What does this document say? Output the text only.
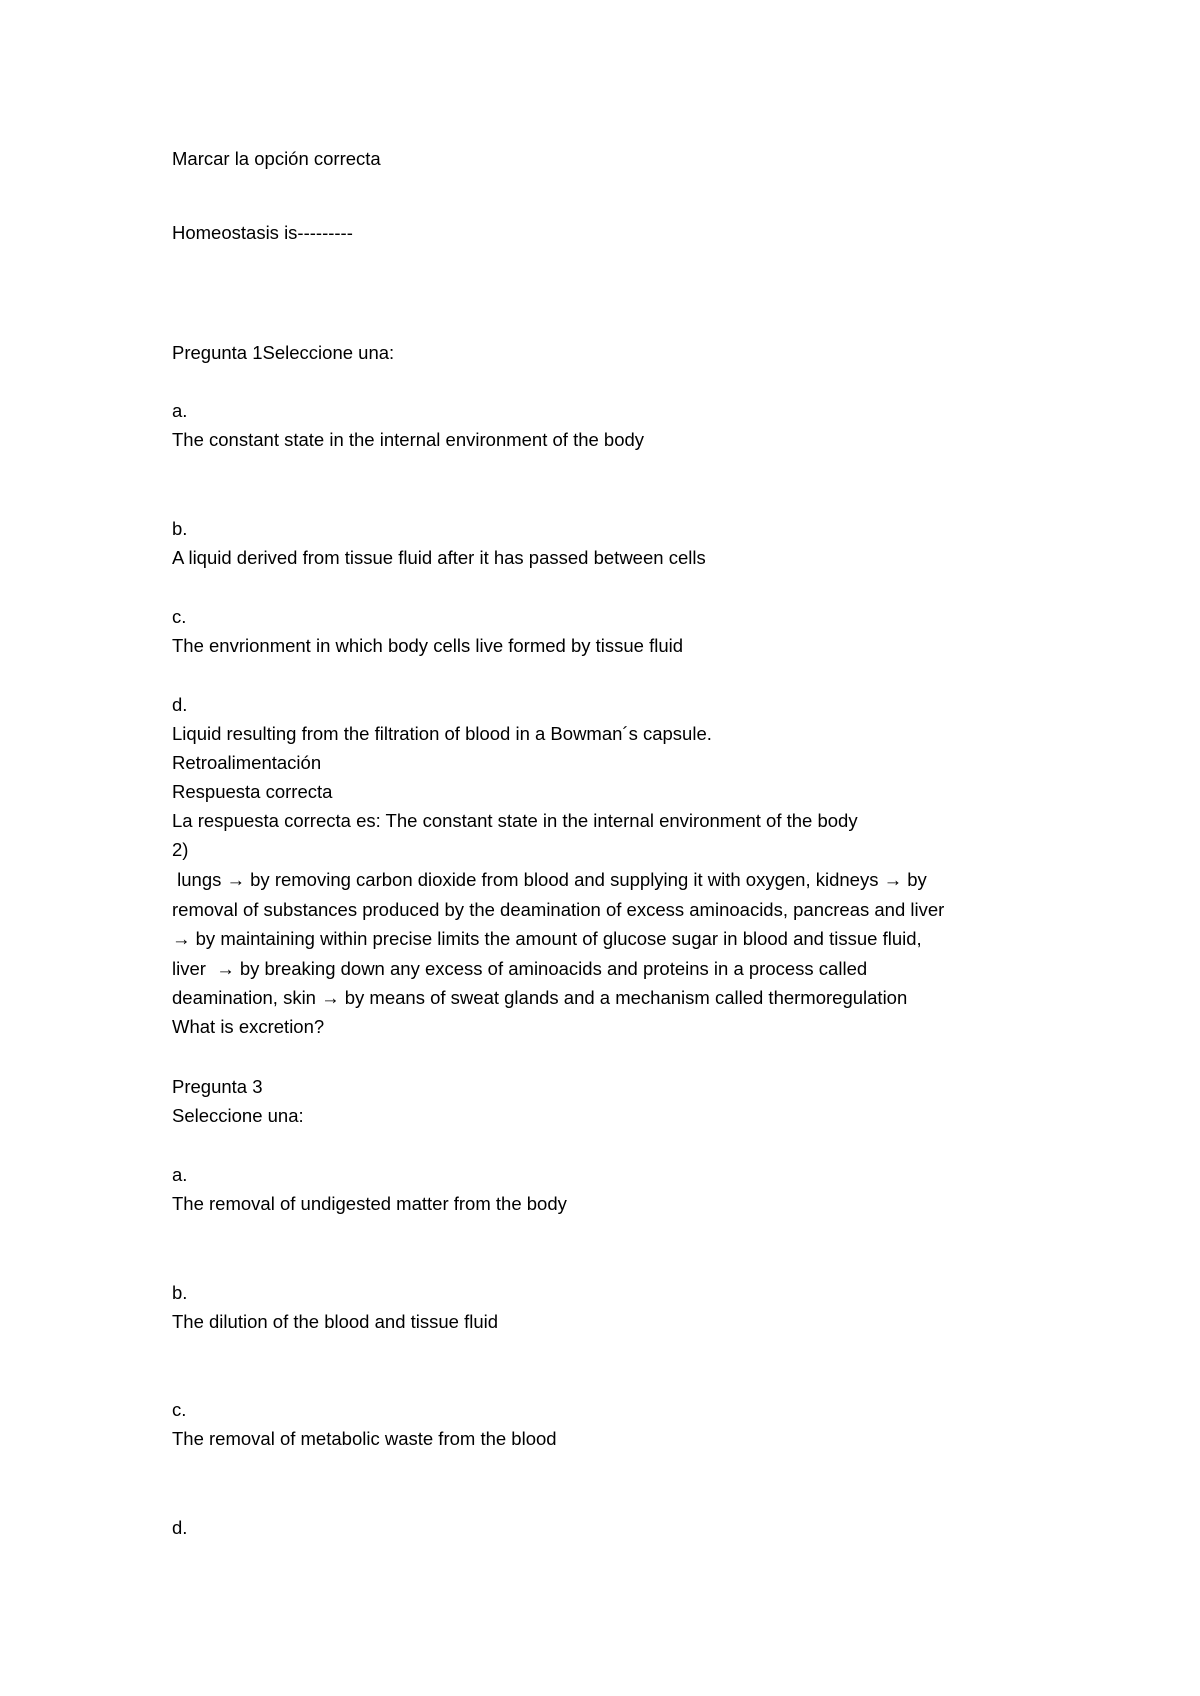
Marcar la opción correcta
Homeostasis is---------
Pregunta 1Seleccione una:
a.
The constant state in the internal environment of the body
b.
A liquid derived from tissue fluid after it has passed between cells
c.
The envrionment in which body cells live formed by tissue fluid
d.
Liquid resulting from the filtration of blood in a Bowman´s capsule.
Retroalimentación
Respuesta correcta
La respuesta correcta es: The constant state in the internal environment of the body
2)
lungs → by removing carbon dioxide from blood and supplying it with oxygen, kidneys → by
removal of substances produced by the deamination of excess aminoacids, pancreas and liver
→ by maintaining within precise limits the amount of glucose sugar in blood and tissue fluid,
liver  → by breaking down any excess of aminoacids and proteins in a process called
deamination, skin → by means of sweat glands and a mechanism called thermoregulation
What is excretion?
Pregunta 3
Seleccione una:
a.
The removal of undigested matter from the body
b.
The dilution of the blood and tissue fluid
c.
The removal of metabolic waste from the blood
d.
